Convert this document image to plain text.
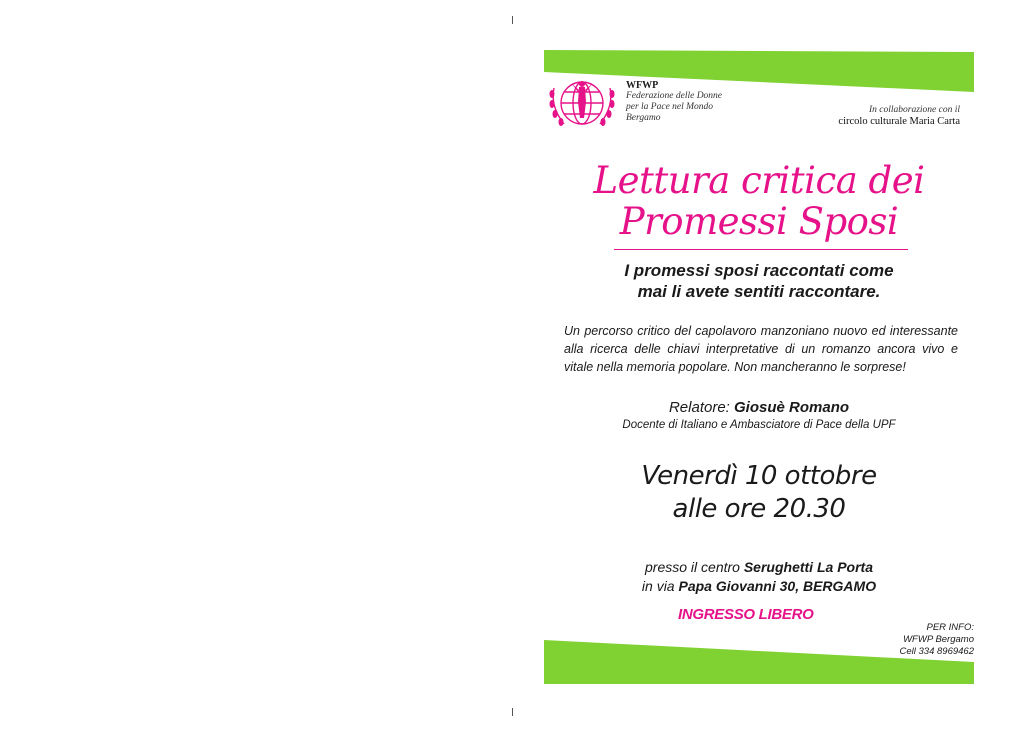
WFWP
Federazione delle Donne
per la Pace nel Mondo
Bergamo
In collaborazione con il
circolo culturale Maria Carta
Lettura critica dei
Promessi Sposi
I promessi sposi raccontati come
mai li avete sentiti raccontare.
Un percorso critico del capolavoro manzoniano nuovo ed interessante alla ricerca delle chiavi interpretative di un romanzo ancora vivo e vitale nella memoria popolare. Non mancheranno le sorprese!
Relatore: Giosuè Romano
Docente di Italiano e Ambasciatore di Pace della UPF
Venerdì 10 ottobre
alle ore 20.30
presso il centro Serughetti La Porta
in via Papa Giovanni 30, BERGAMO
INGRESSO LIBERO
PER INFO:
WFWP Bergamo
Cell 334 8969462
